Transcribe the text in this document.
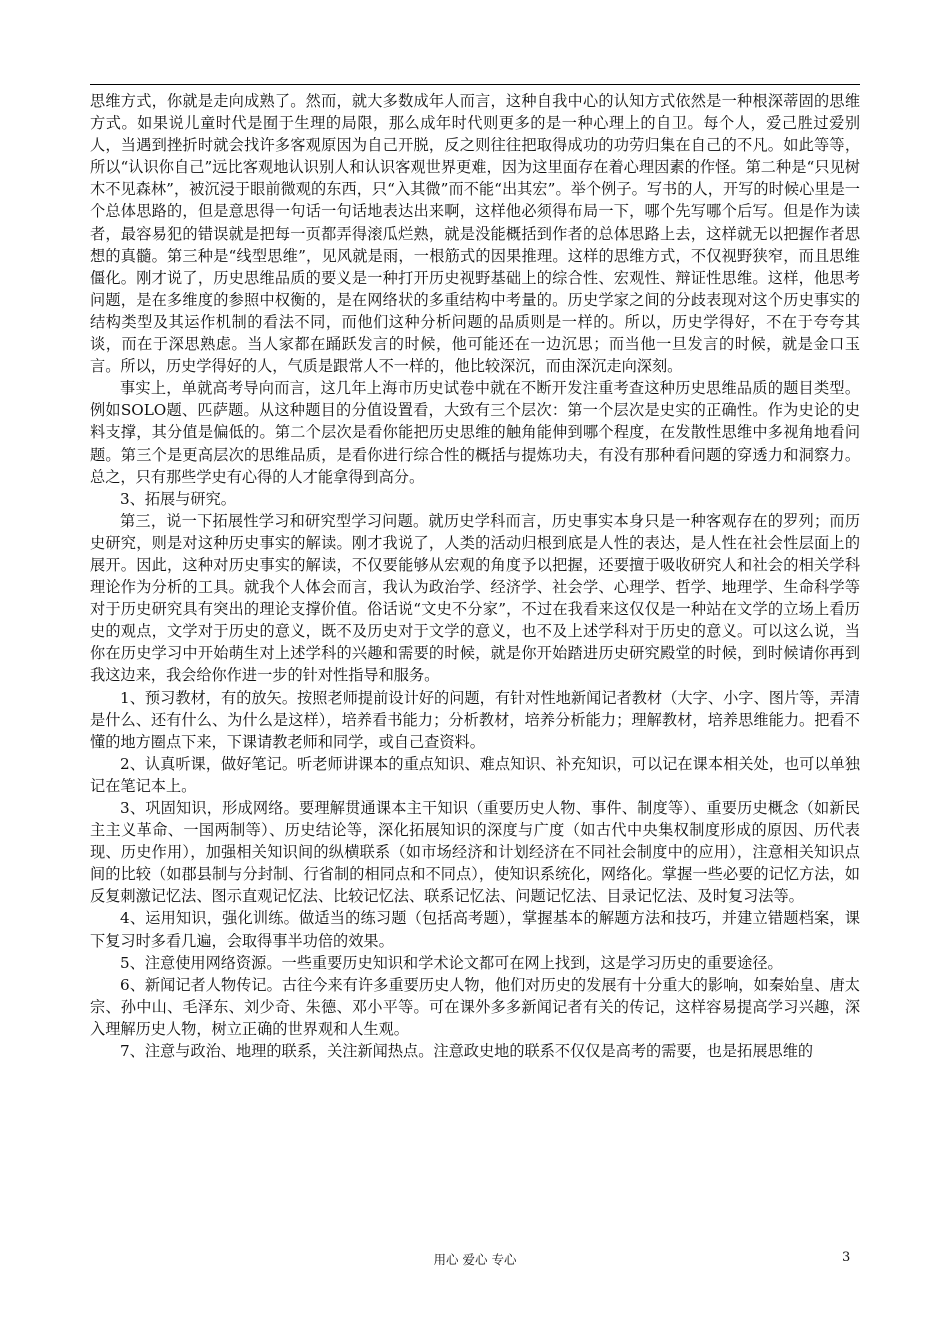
思维方式，你就是走向成熟了。然而，就大多数成年人而言，这种自我中心的认知方式依然是一种根深蒂固的思维方式。如果说儿童时代是囿于生理的局限，那么成年时代则更多的是一种心理上的自卫。每个人，爱己胜过爱别人，当遇到挫折时就会找许多客观原因为自己开脱，反之则往往把取得成功的功劳归集在自己的不凡。如此等等，所以“认识你自己”远比客观地认识别人和认识客观世界更难，因为这里面存在着心理因素的作怪。第二种是“只见树木不见森林”，被沉浸于眼前微观的东西，只“入其微”而不能“出其宏”。举个例子。写书的人，开写的时候心里是一个总体思路的，但是意思得一句话一句话地表达出来啊，这样他必须得布局一下，哪个先写哪个后写。但是作为读者，最容易犯的错误就是把每一页都弄得滚瓜烂熟，就是没能概括到作者的总体思路上去，这样就无以把握作者思想的真髓。第三种是“线型思维”，见风就是雨，一根筋式的因果推理。这样的思维方式，不仅视野狭窄，而且思维僵化。刚才说了，历史思维品质的要义是一种打开历史视野基础上的综合性、宏观性、辩证性思维。这样，他思考问题，是在多维度的参照中权衡的，是在网络状的多重结构中考量的。历史学家之间的分歧表现对这个历史事实的结构类型及其运作机制的看法不同，而他们这种分析问题的品质则是一样的。所以，历史学得好，不在于夸夸其谈，而在于深思熟虑。当人家都在踊跃发言的时候，他可能还在一边沉思；而当他一旦发言的时候，就是金口玉言。所以，历史学得好的人，气质是跟常人不一样的，他比较深沉，而由深沉走向深刻。

事实上，单就高考导向而言，这几年上海市历史试卷中就在不断开发注重考查这种历史思维品质的题目类型。例如SOLO题、匹萨题。从这种题目的分值设置看，大致有三个层次：第一个层次是史实的正确性。作为史论的史料支撑，其分值是偏低的。第二个层次是看你能把历史思维的触角能伸到哪个程度，在发散性思维中多视角地看问题。第三个是更高层次的思维品质，是看你进行综合性的概括与提炼功夫，有没有那种看问题的穿透力和洞察力。总之，只有那些学史有心得的人才能拿得到高分。

3、拓展与研究。

第三，说一下拓展性学习和研究型学习问题。就历史学科而言，历史事实本身只是一种客观存在的罗列；而历史研究，则是对这种历史事实的解读。刚才我说了，人类的活动归根到底是人性的表达，是人性在社会性层面上的展开。因此，这种对历史事实的解读，不仅要能够从宏观的角度予以把握，还要擅于吸收研究人和社会的相关学科理论作为分析的工具。就我个人体会而言，我认为政治学、经济学、社会学、心理学、哲学、地理学、生命科学等对于历史研究具有突出的理论支撑价值。俗话说“文史不分家”，不过在我看来这仅仅是一种站在文学的立场上看历史的观点，文学对于历史的意义，既不及历史对于文学的意义，也不及上述学科对于历史的意义。可以这么说，当你在历史学习中开始萌生对上述学科的兴趣和需要的时候，就是你开始踏进历史研究殿堂的时候，到时候请你再到我这边来，我会给你作进一步的针对性指导和服务。

1、预习教材，有的放矢。按照老师提前设计好的问题，有针对性地新闻记者教材（大字、小字、图片等，弄清是什么、还有什么、为什么是这样），培养看书能力；分析教材，培养分析能力；理解教材，培养思维能力。把看不懂的地方圈点下来，下课请教老师和同学，或自己查资料。

2、认真听课，做好笔记。听老师讲课本的重点知识、难点知识、补充知识，可以记在课本相关处，也可以单独记在笔记本上。

3、巩固知识，形成网络。要理解贯通课本主干知识（重要历史人物、事件、制度等）、重要历史概念（如新民主主义革命、一国两制等）、历史结论等，深化拓展知识的深度与广度（如古代中央集权制度形成的原因、历代表现、历史作用），加强相关知识间的纵横联系（如市场经济和计划经济在不同社会制度中的应用），注意相关知识点间的比较（如郡县制与分封制、行省制的相同点和不同点），使知识系统化，网络化。掌握一些必要的记忆方法，如反复刺激记忆法、图示直观记忆法、比较记忆法、联系记忆法、问题记忆法、目录记忆法、及时复习法等。

4、运用知识，强化训练。做适当的练习题（包括高考题），掌握基本的解题方法和技巧，并建立错题档案，课下复习时多看几遍，会取得事半功倍的效果。

5、注意使用网络资源。一些重要历史知识和学术论文都可在网上找到，这是学习历史的重要途径。

6、新闻记者人物传记。古往今来有许多重要历史人物，他们对历史的发展有十分重大的影响，如秦始皇、唐太宗、孙中山、毛泽东、刘少奇、朱德、邓小平等。可在课外多多新闻记者有关的传记，这样容易提高学习兴趣，深入理解历史人物，树立正确的世界观和人生观。

7、注意与政治、地理的联系，关注新闻热点。注意政史地的联系不仅仅是高考的需要，也是拓展思维的

用心 爱心 专心	3
